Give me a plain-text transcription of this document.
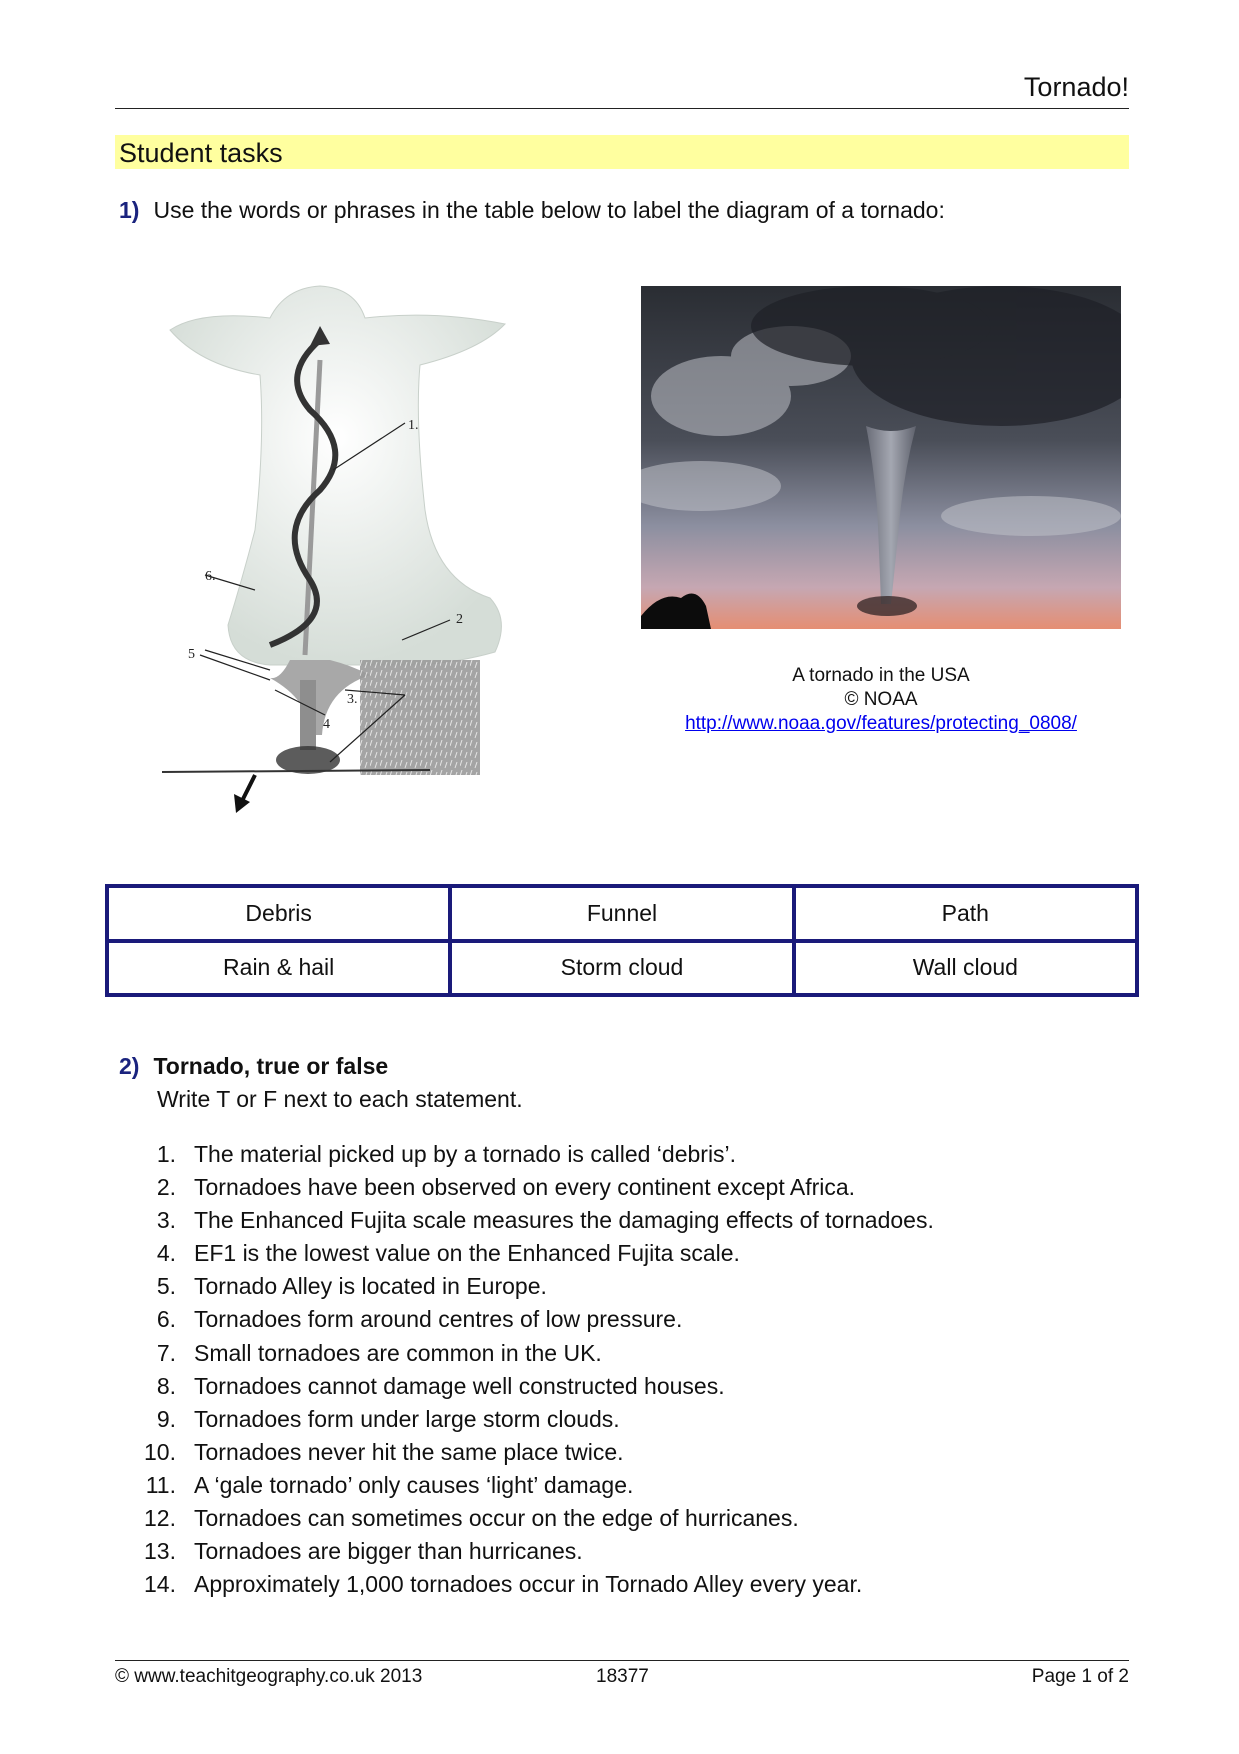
Tornado!
Student tasks
1) Use the words or phrases in the table below to label the diagram of a tornado:
1.
2
3.
4
5
6.
A tornado in the USA
© NOAA
http://www.noaa.gov/features/protecting_0808/
Debris	Funnel	Path
Rain & hail	Storm cloud	Wall cloud
2) Tornado, true or false
Write T or F next to each statement.
1. The material picked up by a tornado is called ‘debris’.
2. Tornadoes have been observed on every continent except Africa.
3. The Enhanced Fujita scale measures the damaging effects of tornadoes.
4. EF1 is the lowest value on the Enhanced Fujita scale.
5. Tornado Alley is located in Europe.
6. Tornadoes form around centres of low pressure.
7. Small tornadoes are common in the UK.
8. Tornadoes cannot damage well constructed houses.
9. Tornadoes form under large storm clouds.
10. Tornadoes never hit the same place twice.
11. A ‘gale tornado’ only causes ‘light’ damage.
12. Tornadoes can sometimes occur on the edge of hurricanes.
13. Tornadoes are bigger than hurricanes.
14. Approximately 1,000 tornadoes occur in Tornado Alley every year.
© www.teachitgeography.co.uk 2013	18377	Page 1 of 2
